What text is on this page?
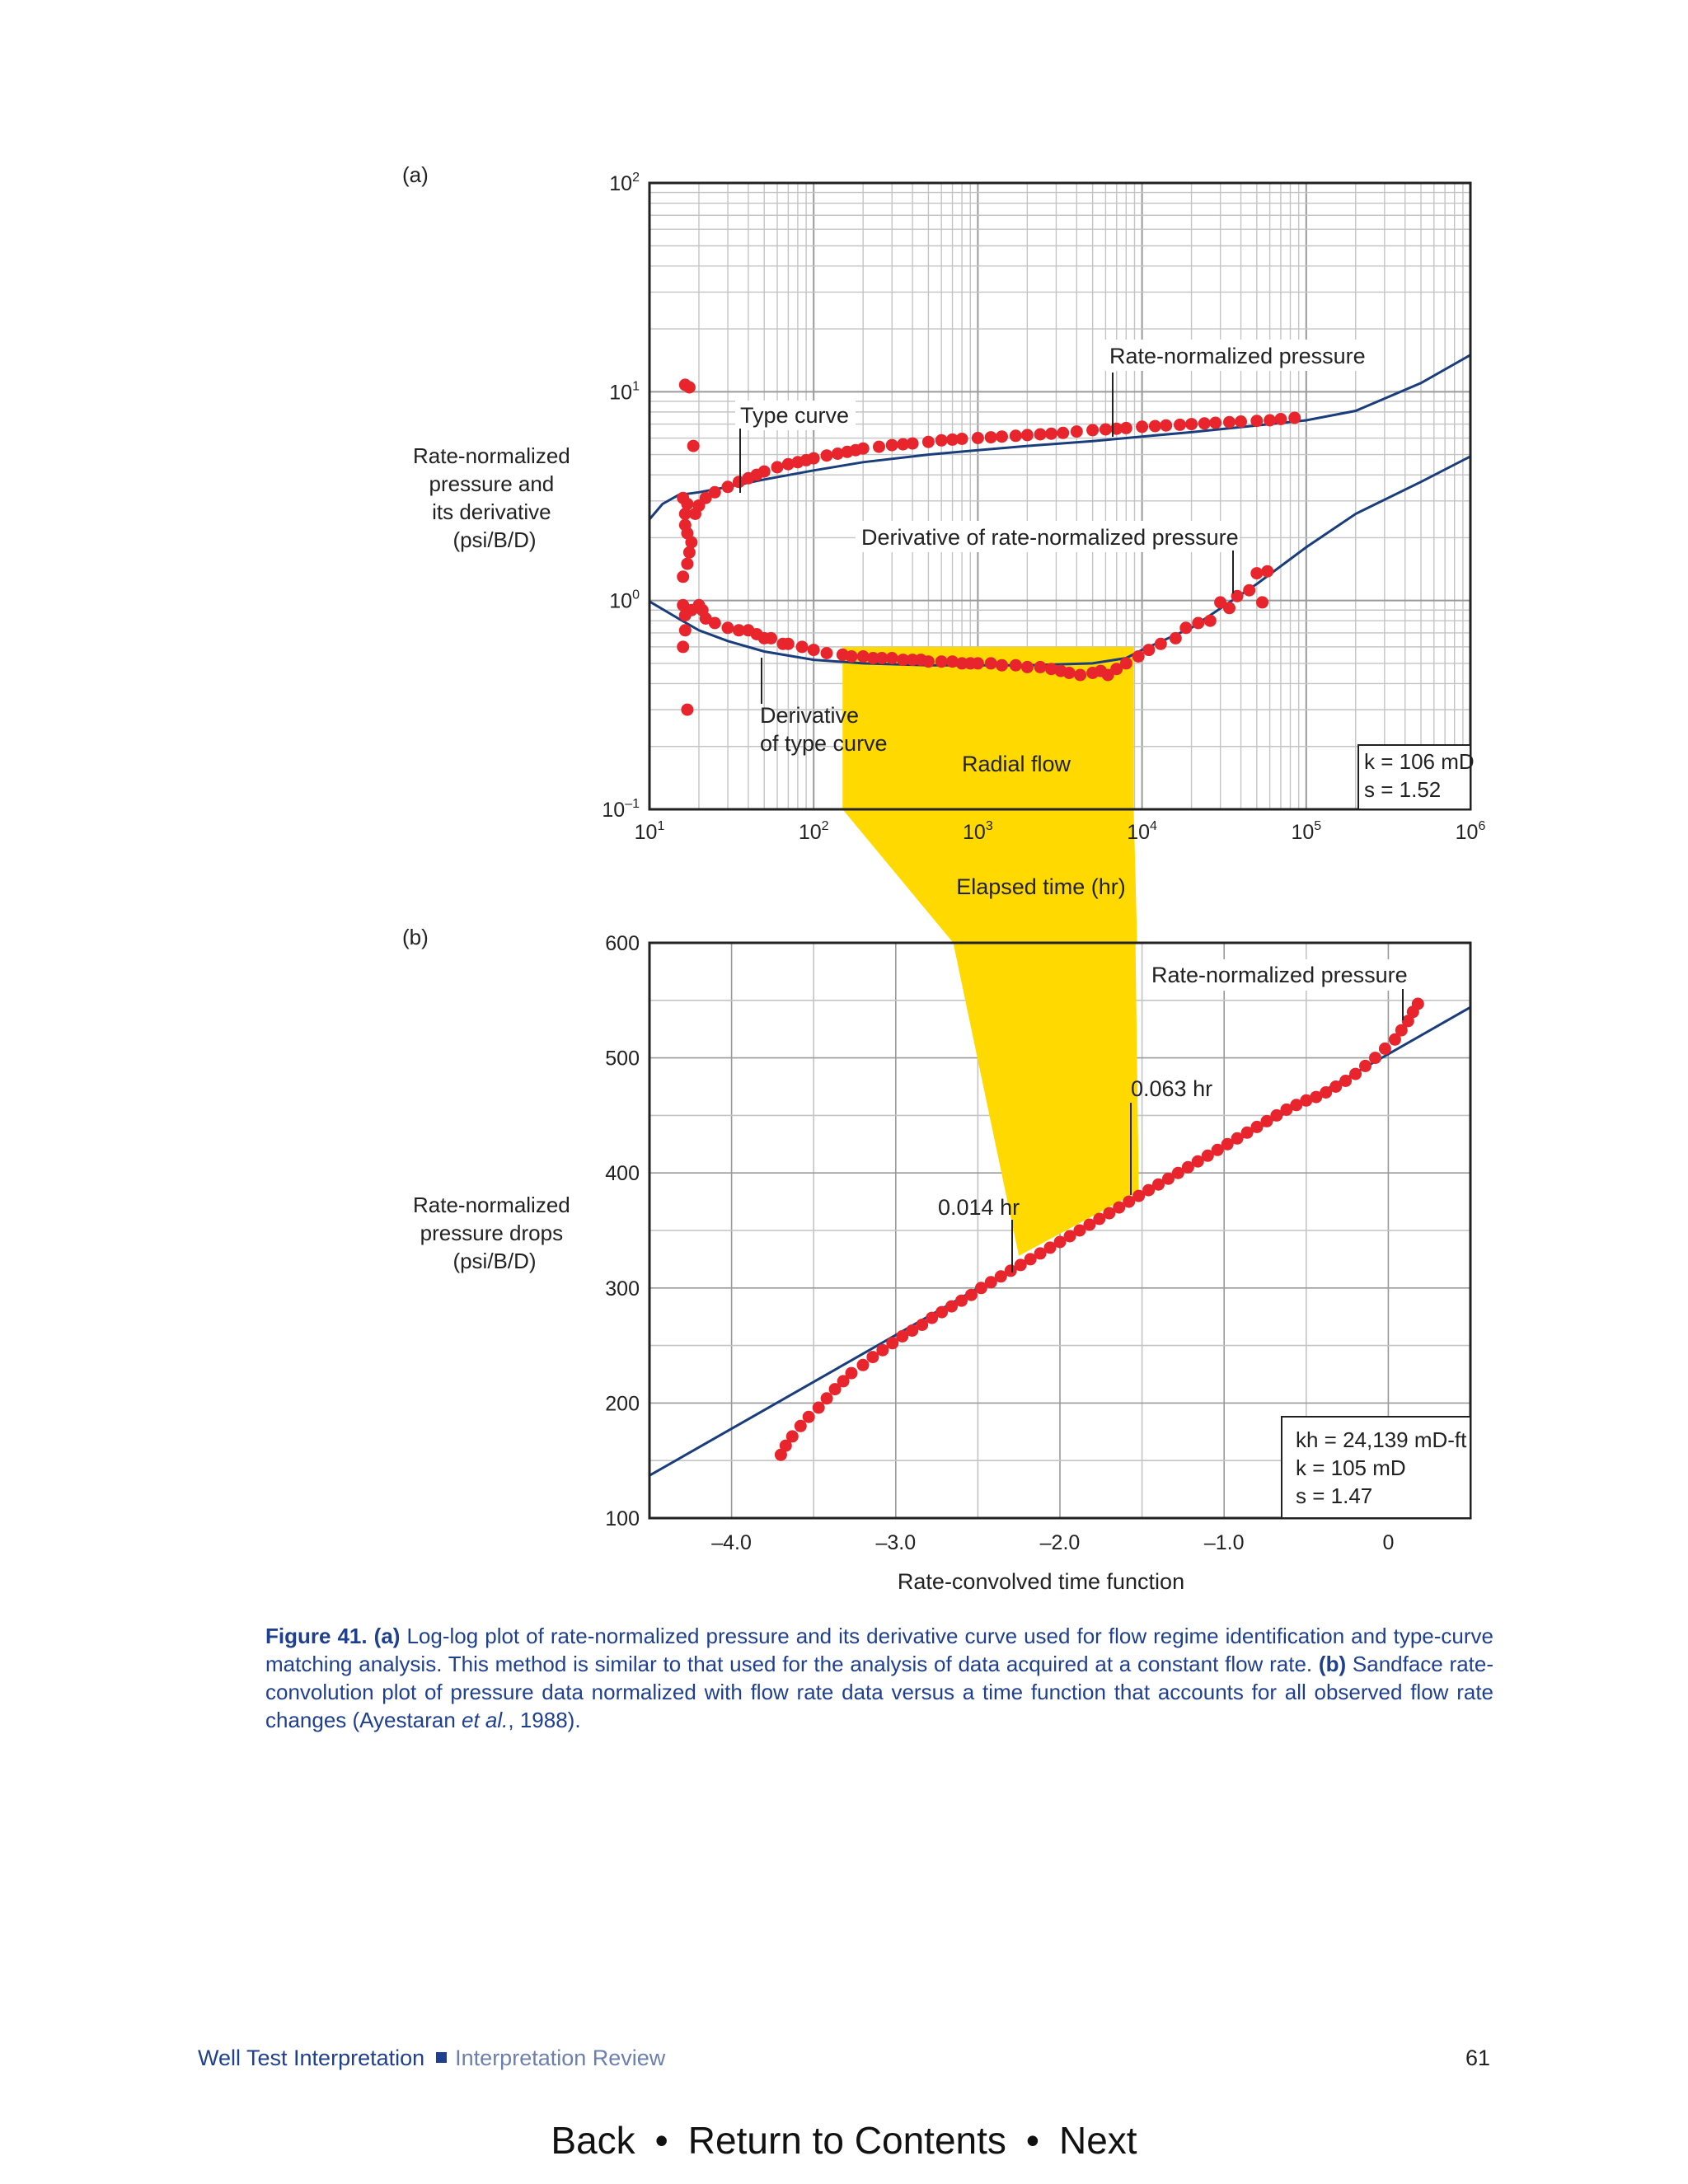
$10^1$	$10^2$	$10^3$	$10^4$	$10^5$	$10^6$
$10^{-1}$
$10^0$
$10^1$
$10^2$
(a)
Rate-normalized pressure and its derivative (psi/B/D)
Elapsed time (hr)
Rate-normalized pressure
Type curve
Derivative of rate-normalized pressure
Derivative of type curve
Radial flow	k = 106 mD
s = 1.52
–4.0	–3.0	–2.0	–1.0	0
100
200
300
400
500
600
(b)
Rate-normalized pressure drops (psi/B/D)
Rate-convolved time function
Rate-normalized pressure
0.063 hr
0.014 hr
kh = 24,139 mD-ft
k = 105 mD
s = 1.47
Figure 41. (a) Log-log plot of rate-normalized pressure and its derivative curve used for flow regime identification and type-curve matching analysis. This method is similar to that used for the analysis of data acquired at a constant flow rate. (b) Sandface rate-convolution plot of pressure data normalized with flow rate data versus a time function that accounts for all observed flow rate changes (Ayestaran et al., 1988).
Well Test Interpretation Interpretation Review	61
Back • Return to Contents • Next
